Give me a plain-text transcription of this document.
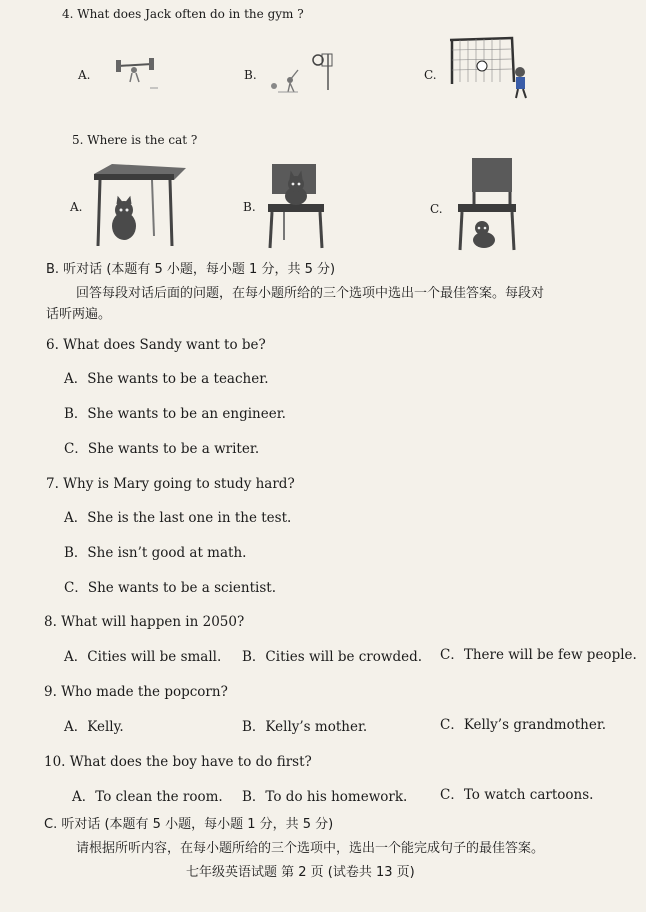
4. What does Jack often do in the gym ?
A.	B.	C.
5. Where is the cat ?
A.	B.	C.
B. 听对话 (本题有 5 小题，每小题 1 分，共 5 分)
回答每段对话后面的问题，在每小题所给的三个选项中选出一个最佳答案。每段对
话听两遍。
6. What does Sandy want to be?
A．She wants to be a teacher.
B．She wants to be an engineer.
C．She wants to be a writer.
7. Why is Mary going to study hard?
A．She is the last one in the test.
B．She isn’t good at math.
C．She wants to be a scientist.
8. What will happen in 2050?
A．Cities will be small. B．Cities will be crowded. C．There will be few people.
9. Who made the popcorn?
A．Kelly.	B．Kelly’s mother.	C．Kelly’s grandmother.
10. What does the boy have to do first?
A．To clean the room. B．To do his homework. C．To watch cartoons.
C. 听对话 (本题有 5 小题，每小题 1 分，共 5 分)
请根据所听内容，在每小题所给的三个选项中，选出一个能完成句子的最佳答案。
七年级英语试题 第 2 页 (试卷共 13 页)
